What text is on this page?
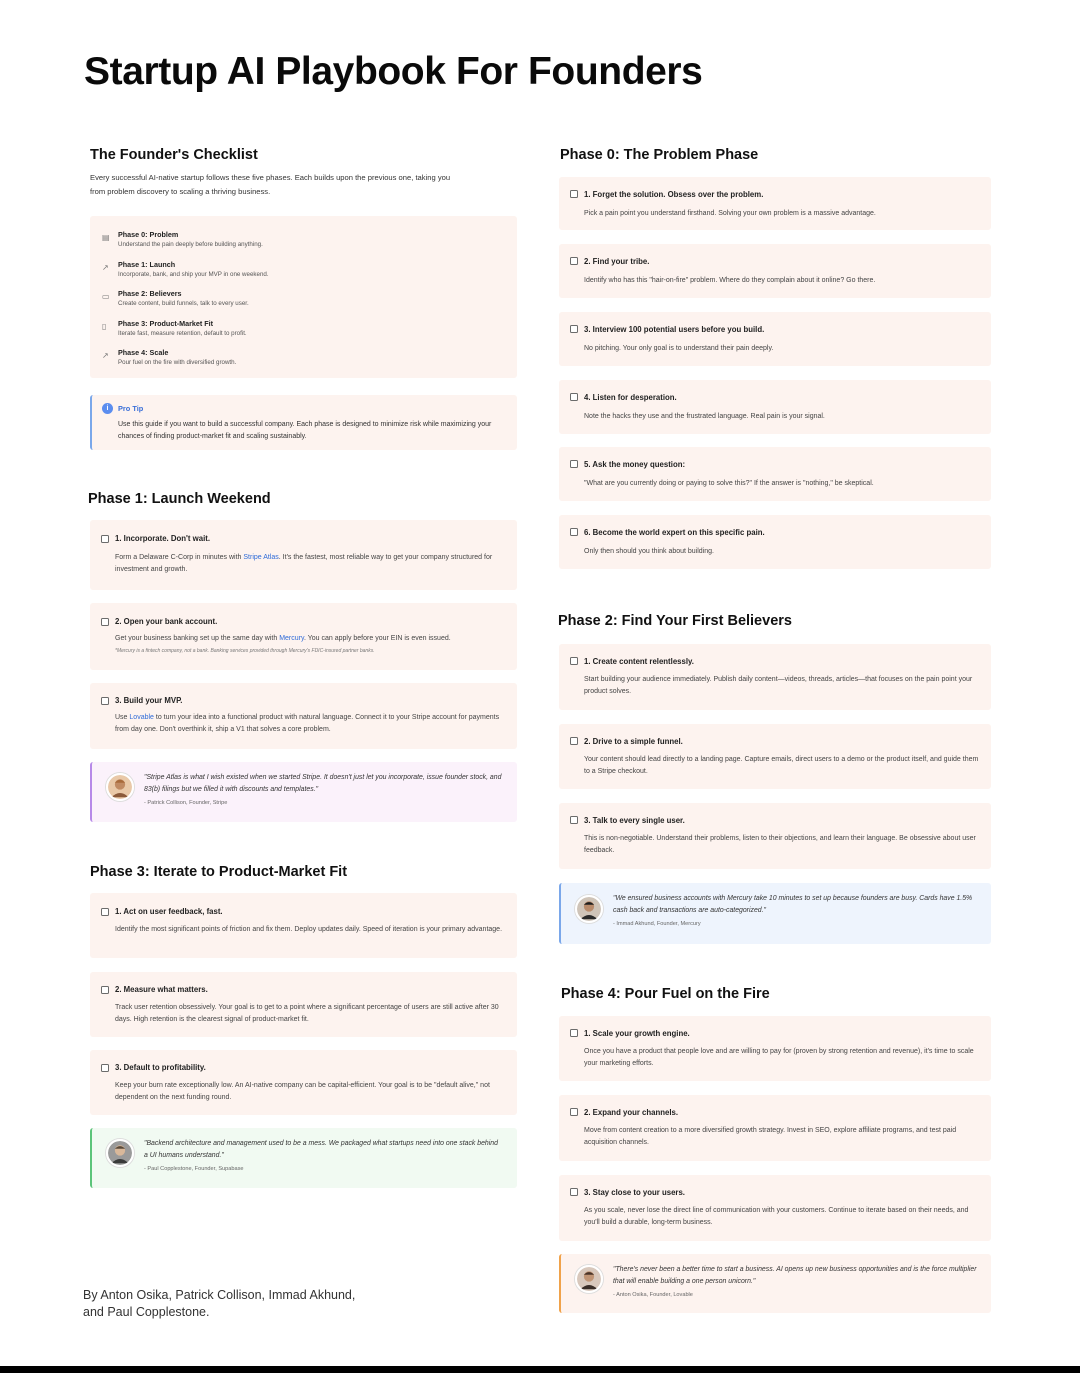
Startup AI Playbook For Founders
The Founder's Checklist
Every successful AI-native startup follows these five phases. Each builds upon the previous one, taking you from problem discovery to scaling a thriving business.
▤	Phase 0: Problem
Understand the pain deeply before building anything.
↗	Phase 1: Launch
Incorporate, bank, and ship your MVP in one weekend.
▭	Phase 2: Believers
Create content, build funnels, talk to every user.
▯	Phase 3: Product-Market Fit
Iterate fast, measure retention, default to profit.
↗	Phase 4: Scale
Pour fuel on the fire with diversified growth.
i	Pro Tip
Use this guide if you want to build a successful company. Each phase is designed to minimize risk while maximizing your chances of finding product-market fit and scaling sustainably.
Phase 1: Launch Weekend
1. Incorporate. Don't wait.
Form a Delaware C-Corp in minutes with Stripe Atlas. It's the fastest, most reliable way to get your company structured for investment and growth.
2. Open your bank account.
Get your business banking set up the same day with Mercury. You can apply before your EIN is even issued.
*Mercury is a fintech company, not a bank. Banking services provided through Mercury's FDIC-insured partner banks.
3. Build your MVP.
Use Lovable to turn your idea into a functional product with natural language. Connect it to your Stripe account for payments from day one. Don't overthink it, ship a V1 that solves a core problem.
"Stripe Atlas is what I wish existed when we started Stripe. It doesn't just let you incorporate, issue founder stock, and 83(b) filings but we filled it with discounts and templates."
- Patrick Collison, Founder, Stripe
Phase 3: Iterate to Product-Market Fit
1. Act on user feedback, fast.
Identify the most significant points of friction and fix them. Deploy updates daily. Speed of iteration is your primary advantage.
2. Measure what matters.
Track user retention obsessively. Your goal is to get to a point where a significant percentage of users are still active after 30 days. High retention is the clearest signal of product-market fit.
3. Default to profitability.
Keep your burn rate exceptionally low. An AI-native company can be capital-efficient. Your goal is to be "default alive," not dependent on the next funding round.
"Backend architecture and management used to be a mess. We packaged what startups need into one stack behind a UI humans understand."
- Paul Copplestone, Founder, Supabase
By Anton Osika, Patrick Collison, Immad Akhund, and Paul Copplestone.
Phase 0: The Problem Phase
1. Forget the solution. Obsess over the problem.
Pick a pain point you understand firsthand. Solving your own problem is a massive advantage.
2. Find your tribe.
Identify who has this "hair-on-fire" problem. Where do they complain about it online? Go there.
3. Interview 100 potential users before you build.
No pitching. Your only goal is to understand their pain deeply.
4. Listen for desperation.
Note the hacks they use and the frustrated language. Real pain is your signal.
5. Ask the money question:
"What are you currently doing or paying to solve this?" If the answer is "nothing," be skeptical.
6. Become the world expert on this specific pain.
Only then should you think about building.
Phase 2: Find Your First Believers
1. Create content relentlessly.
Start building your audience immediately. Publish daily content—videos, threads, articles—that focuses on the pain point your product solves.
2. Drive to a simple funnel.
Your content should lead directly to a landing page. Capture emails, direct users to a demo or the product itself, and guide them to a Stripe checkout.
3. Talk to every single user.
This is non-negotiable. Understand their problems, listen to their objections, and learn their language. Be obsessive about user feedback.
"We ensured business accounts with Mercury take 10 minutes to set up because founders are busy. Cards have 1.5% cash back and transactions are auto-categorized."
- Immad Akhund, Founder, Mercury
Phase 4: Pour Fuel on the Fire
1. Scale your growth engine.
Once you have a product that people love and are willing to pay for (proven by strong retention and revenue), it's time to scale your marketing efforts.
2. Expand your channels.
Move from content creation to a more diversified growth strategy. Invest in SEO, explore affiliate programs, and test paid acquisition channels.
3. Stay close to your users.
As you scale, never lose the direct line of communication with your customers. Continue to iterate based on their needs, and you'll build a durable, long-term business.
"There's never been a better time to start a business. AI opens up new business opportunities and is the force multiplier that will enable building a one person unicorn."
- Anton Osika, Founder, Lovable
